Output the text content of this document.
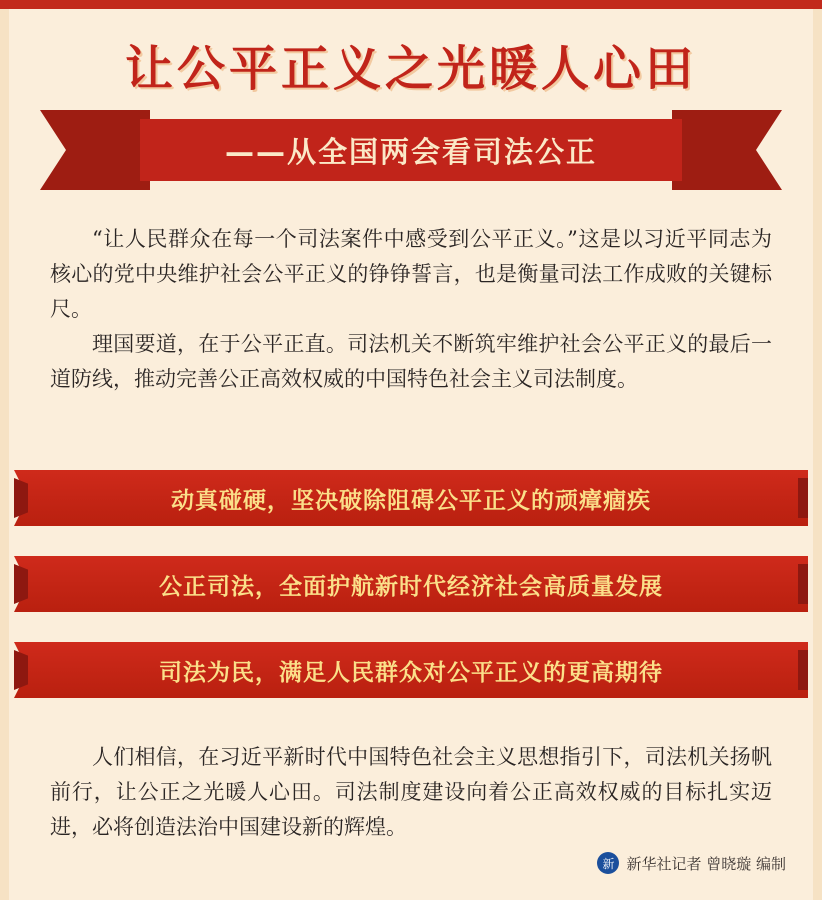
让公平正义之光暖人心田
——从全国两会看司法公正

“让人民群众在每一个司法案件中感受到公平正义。”这是以习近平同志为核心的党中央维护社会公平正义的铮铮誓言，也是衡量司法工作成败的关键标尺。

理国要道，在于公平正直。司法机关不断筑牢维护社会公平正义的最后一道防线，推动完善公正高效权威的中国特色社会主义司法制度。

动真碰硬，坚决破除阻碍公平正义的顽瘴痼疾
公正司法，全面护航新时代经济社会高质量发展
司法为民，满足人民群众对公平正义的更高期待

人们相信，在习近平新时代中国特色社会主义思想指引下，司法机关扬帆前行，让公正之光暖人心田。司法制度建设向着公正高效权威的目标扎实迈进，必将创造法治中国建设新的辉煌。

新 新华社记者 曾晓璇 编制
